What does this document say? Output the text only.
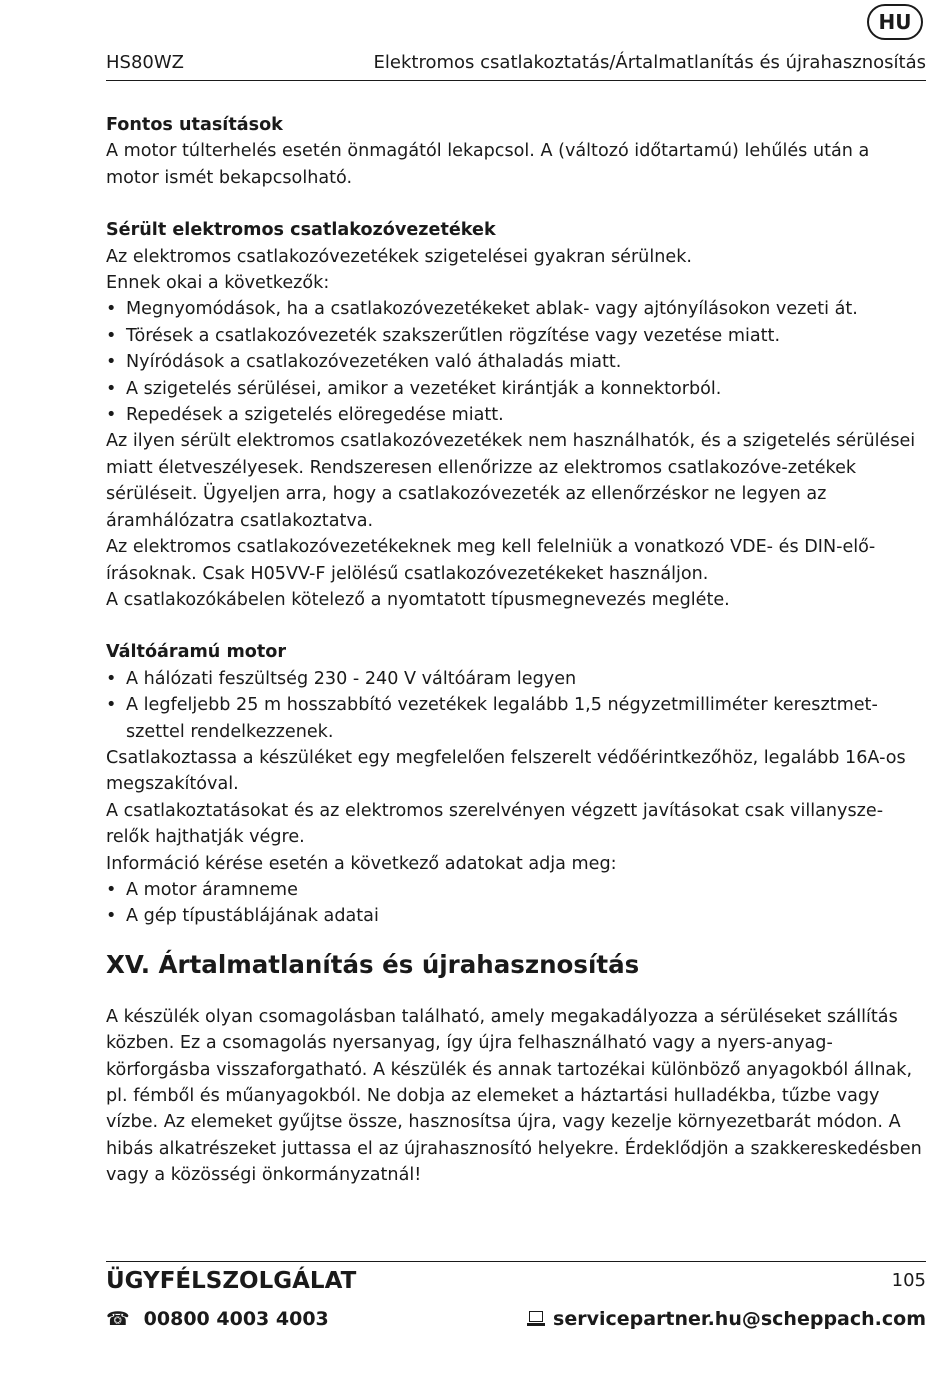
HU
HS80WZ	Elektromos csatlakoztatás/Ártalmatlanítás és újrahasznosítás
Fontos utasítások

A motor túlterhelés esetén önmagától lekapcsol. A (változó időtartamú) lehűlés után a motor ismét bekapcsolható.

Sérült elektromos csatlakozóvezetékek

Az elektromos csatlakozóvezetékek szigetelései gyakran sérülnek.

Ennek okai a következők:

• Megnyomódások, ha a csatlakozóvezetékeket ablak- vagy ajtónyílásokon vezeti át.
• Törések a csatlakozóvezeték szakszerűtlen rögzítése vagy vezetése miatt.
• Nyíródások a csatlakozóvezetéken való áthaladás miatt.
• A szigetelés sérülései, amikor a vezetéket kirántják a konnektorból.
• Repedések a szigetelés elöregedése miatt.

Az ilyen sérült elektromos csatlakozóvezetékek nem használhatók, és a szigetelés sérülései miatt életveszélyesek. Rendszeresen ellenőrizze az elektromos csatlakozóve-zetékek sérüléseit. Ügyeljen arra, hogy a csatlakozóvezeték az ellenőrzéskor ne legyen az áramhálózatra csatlakoztatva.

Az elektromos csatlakozóvezetékeknek meg kell felelniük a vonatkozó VDE- és DIN-elő-írásoknak. Csak H05VV-F jelölésű csatlakozóvezetékeket használjon.

A csatlakozókábelen kötelező a nyomtatott típusmegnevezés megléte.

Váltóáramú motor
• A hálózati feszültség 230 - 240 V váltóáram legyen
• A legfeljebb 25 m hosszabbító vezetékek legalább 1,5 négyzetmilliméter keresztmet-szettel rendelkezzenek.

Csatlakoztassa a készüléket egy megfelelően felszerelt védőérintkezőhöz, legalább 16A-os megszakítóval.

A csatlakoztatásokat és az elektromos szerelvényen végzett javításokat csak villanysze-relők hajthatják végre.

Információ kérése esetén a következő adatokat adja meg:

• A motor áramneme
• A gép típustáblájának adatai
XV. Ártalmatlanítás és újrahasznosítás

A készülék olyan csomagolásban található, amely megakadályozza a sérüléseket szállítás közben. Ez a csomagolás nyersanyag, így újra felhasználható vagy a nyers-anyag-körforgásba visszaforgatható. A készülék és annak tartozékai különböző anyagokból állnak, pl. fémből és műanyagokból. Ne dobja az elemeket a háztartási hulladékba, tűzbe vagy vízbe. Az elemeket gyűjtse össze, hasznosítsa újra, vagy kezelje környezetbarát módon. A hibás alkatrészeket juttassa el az újrahasznosító helyekre. Érdeklődjön a szakkereskedésben vagy a közösségi önkormányzatnál!

ÜGYFÉLSZOLGÁLAT	105
☎ 00800 4003 4003	servicepartner.hu@scheppach.com
